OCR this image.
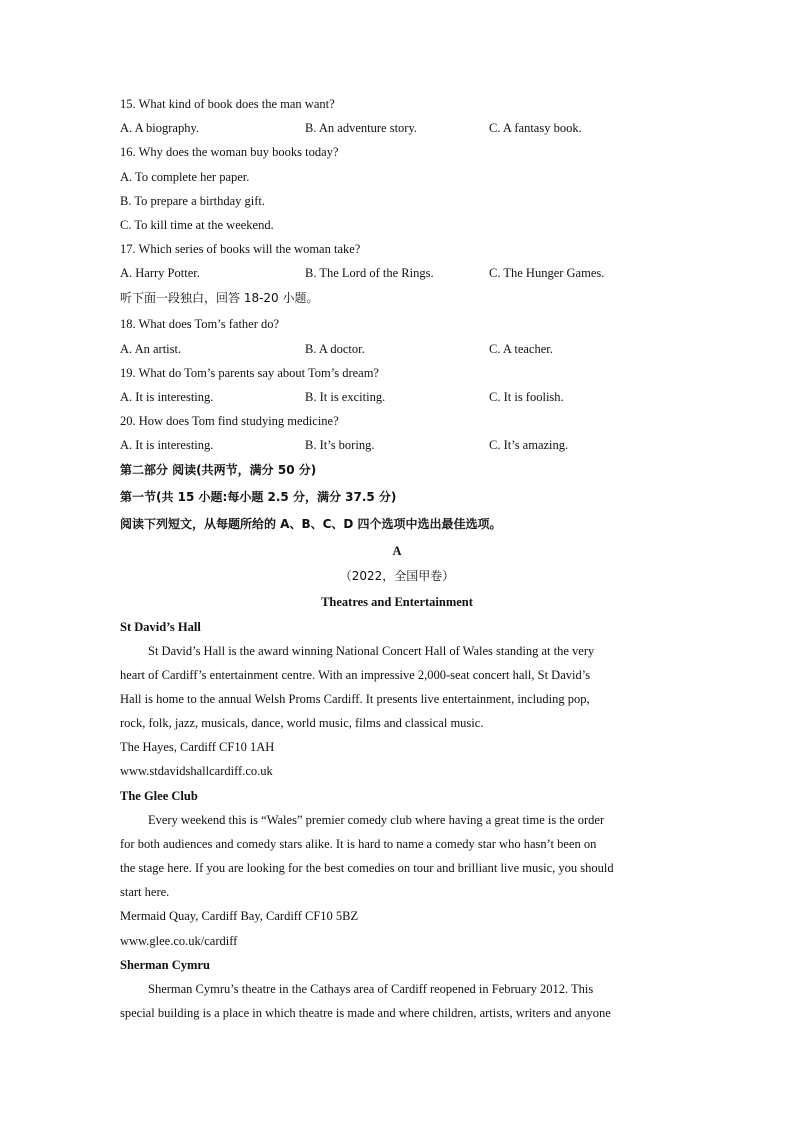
15. What kind of book does the man want?
A. A biography.	B. An adventure story.	C. A fantasy book.
16. Why does the woman buy books today?
A. To complete her paper.
B. To prepare a birthday gift.
C. To kill time at the weekend.
17. Which series of books will the woman take?
A. Harry Potter.	B. The Lord of the Rings.	C. The Hunger Games.
听下面一段独白，回答 18-20 小题。
18. What does Tom’s father do?
A. An artist.	B. A doctor.	C. A teacher.
19. What do Tom’s parents say about Tom’s dream?
A. It is interesting.	B. It is exciting.	C. It is foolish.
20. How does Tom find studying medicine?
A. It is interesting.	B. It’s boring.	C. It’s amazing.
第二部分 阅读(共两节，满分 50 分)
第一节(共 15 小题:每小题 2.5 分，满分 37.5 分)
阅读下列短文，从每题所给的 A、B、C、D 四个选项中选出最佳选项。
A
（2022，全国甲卷）
Theatres and Entertainment
St David’s Hall
St David’s Hall is the award winning National Concert Hall of Wales standing at the very
heart of Cardiff’s entertainment centre. With an impressive 2,000-seat concert hall, St David’s
Hall is home to the annual Welsh Proms Cardiff. It presents live entertainment, including pop,
rock, folk, jazz, musicals, dance, world music, films and classical music.
The Hayes, Cardiff CF10 1AH
www.stdavidshallcardiff.co.uk
The Glee Club
Every weekend this is “Wales” premier comedy club where having a great time is the order
for both audiences and comedy stars alike. It is hard to name a comedy star who hasn’t been on
the stage here. If you are looking for the best comedies on tour and brilliant live music, you should
start here.
Mermaid Quay, Cardiff Bay, Cardiff CF10 5BZ
www.glee.co.uk/cardiff
Sherman Cymru
Sherman Cymru’s theatre in the Cathays area of Cardiff reopened in February 2012. This
special building is a place in which theatre is made and where children, artists, writers and anyone
